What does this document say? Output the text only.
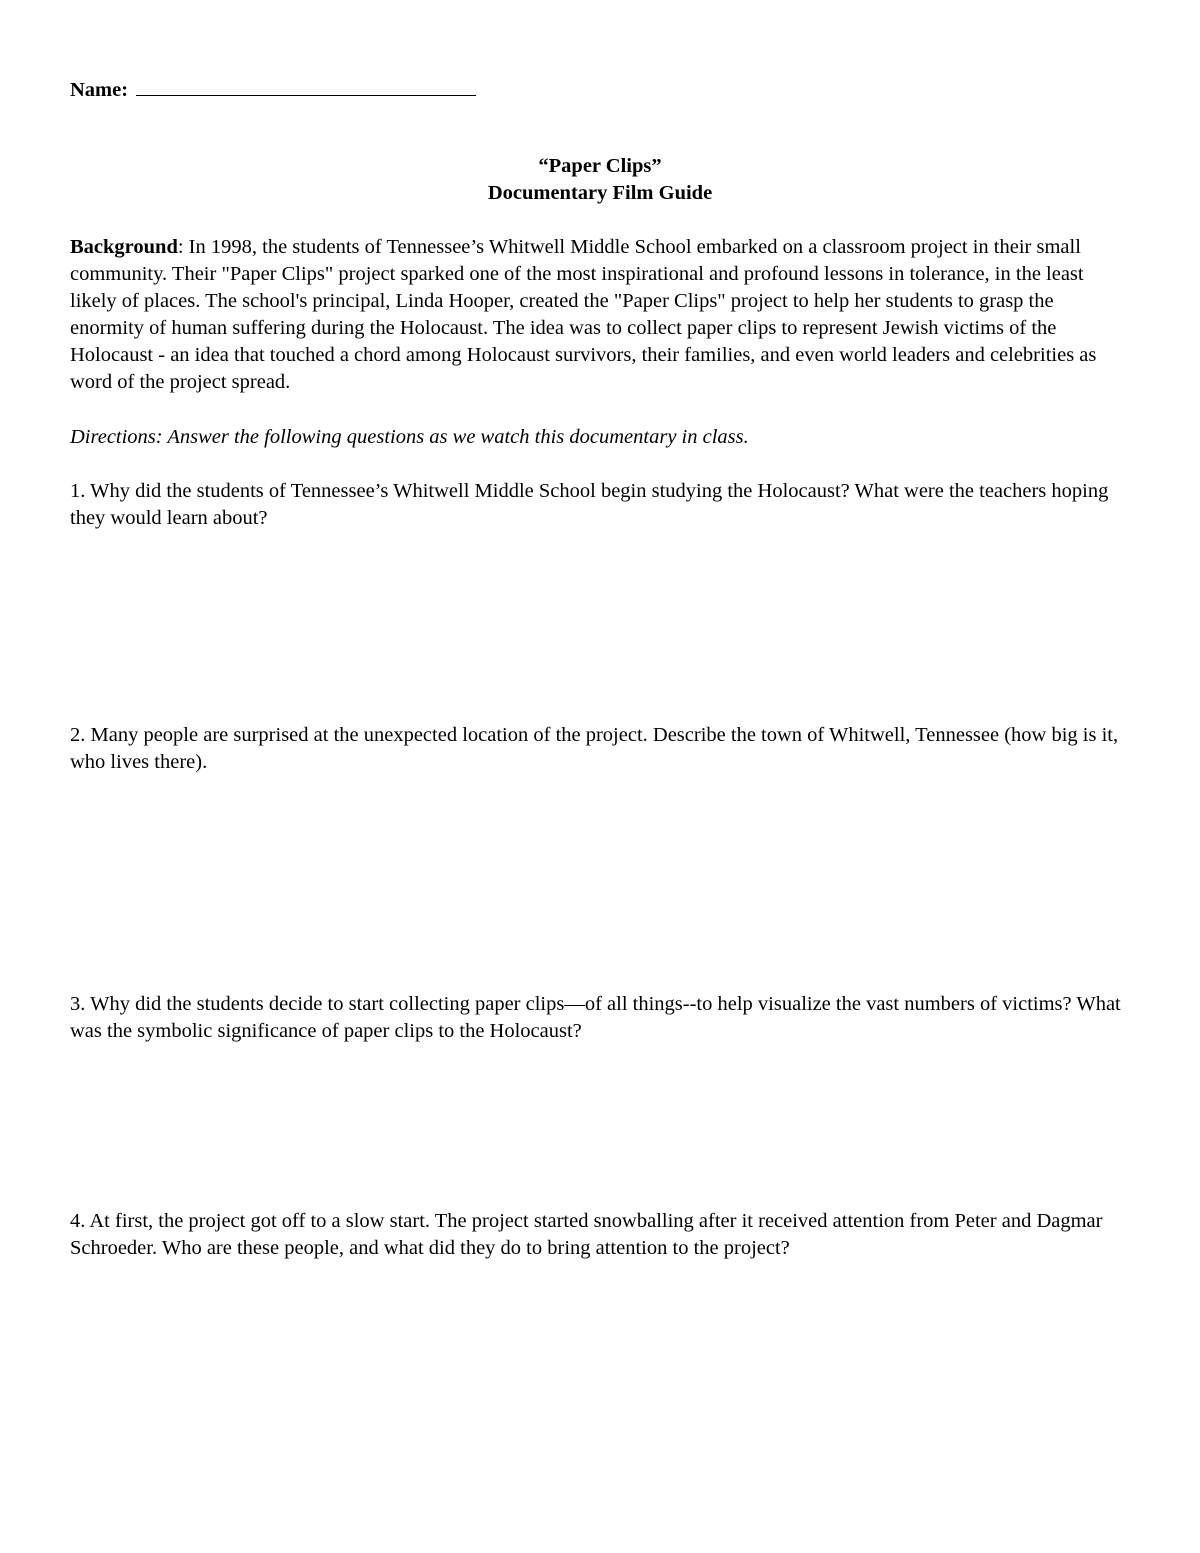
Name:
“Paper Clips”
Documentary Film Guide

Background: In 1998, the students of Tennessee’s Whitwell Middle School embarked on a classroom project in their small community. Their "Paper Clips" project sparked one of the most inspirational and profound lessons in tolerance, in the least likely of places. The school's principal, Linda Hooper, created the "Paper Clips" project to help her students to grasp the enormity of human suffering during the Holocaust. The idea was to collect paper clips to represent Jewish victims of the Holocaust - an idea that touched a chord among Holocaust survivors, their families, and even world leaders and celebrities as word of the project spread.

Directions: Answer the following questions as we watch this documentary in class.

1. Why did the students of Tennessee’s Whitwell Middle School begin studying the Holocaust? What were the teachers hoping they would learn about?

2. Many people are surprised at the unexpected location of the project. Describe the town of Whitwell, Tennessee (how big is it, who lives there).

3. Why did the students decide to start collecting paper clips—of all things--to help visualize the vast numbers of victims? What was the symbolic significance of paper clips to the Holocaust?

4. At first, the project got off to a slow start. The project started snowballing after it received attention from Peter and Dagmar Schroeder. Who are these people, and what did they do to bring attention to the project?
